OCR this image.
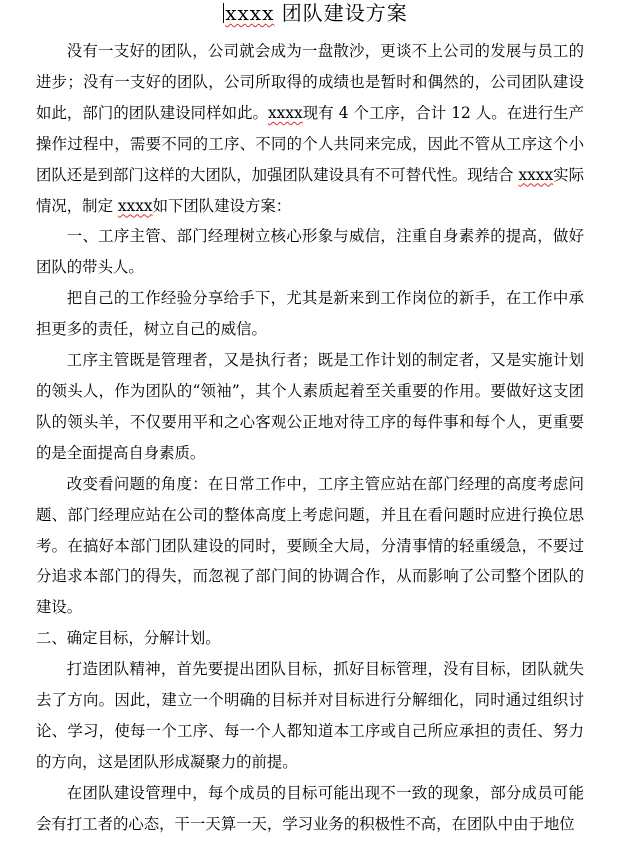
xxxx 团队建设方案

没有一支好的团队，公司就会成为一盘散沙，更谈不上公司的发展与员工的进步；没有一支好的团队，公司所取得的成绩也是暂时和偶然的，公司团队建设如此，部门的团队建设同样如此。xxxx现有 4 个工序，合计 12 人。在进行生产操作过程中，需要不同的工序、不同的个人共同来完成，因此不管从工序这个小团队还是到部门这样的大团队，加强团队建设具有不可替代性。现结合 xxxx实际情况，制定 xxxx如下团队建设方案：

一、工序主管、部门经理树立核心形象与威信，注重自身素养的提高，做好团队的带头人。

把自己的工作经验分享给手下，尤其是新来到工作岗位的新手，在工作中承担更多的责任，树立自己的威信。

工序主管既是管理者，又是执行者；既是工作计划的制定者，又是实施计划的领头人，作为团队的“领袖”，其个人素质起着至关重要的作用。要做好这支团队的领头羊，不仅要用平和之心客观公正地对待工序的每件事和每个人，更重要的是全面提高自身素质。

改变看问题的角度：在日常工作中，工序主管应站在部门经理的高度考虑问题、部门经理应站在公司的整体高度上考虑问题，并且在看问题时应进行换位思考。在搞好本部门团队建设的同时，要顾全大局，分清事情的轻重缓急，不要过分追求本部门的得失，而忽视了部门间的协调合作，从而影响了公司整个团队的建设。

二、确定目标，分解计划。

打造团队精神，首先要提出团队目标，抓好目标管理，没有目标，团队就失去了方向。因此，建立一个明确的目标并对目标进行分解细化，同时通过组织讨论、学习，使每一个工序、每一个人都知道本工序或自己所应承担的责任、努力的方向，这是团队形成凝聚力的前提。

在团队建设管理中，每个成员的目标可能出现不一致的现象，部分成员可能会有打工者的心态，干一天算一天，学习业务的积极性不高，在团队中由于地位
